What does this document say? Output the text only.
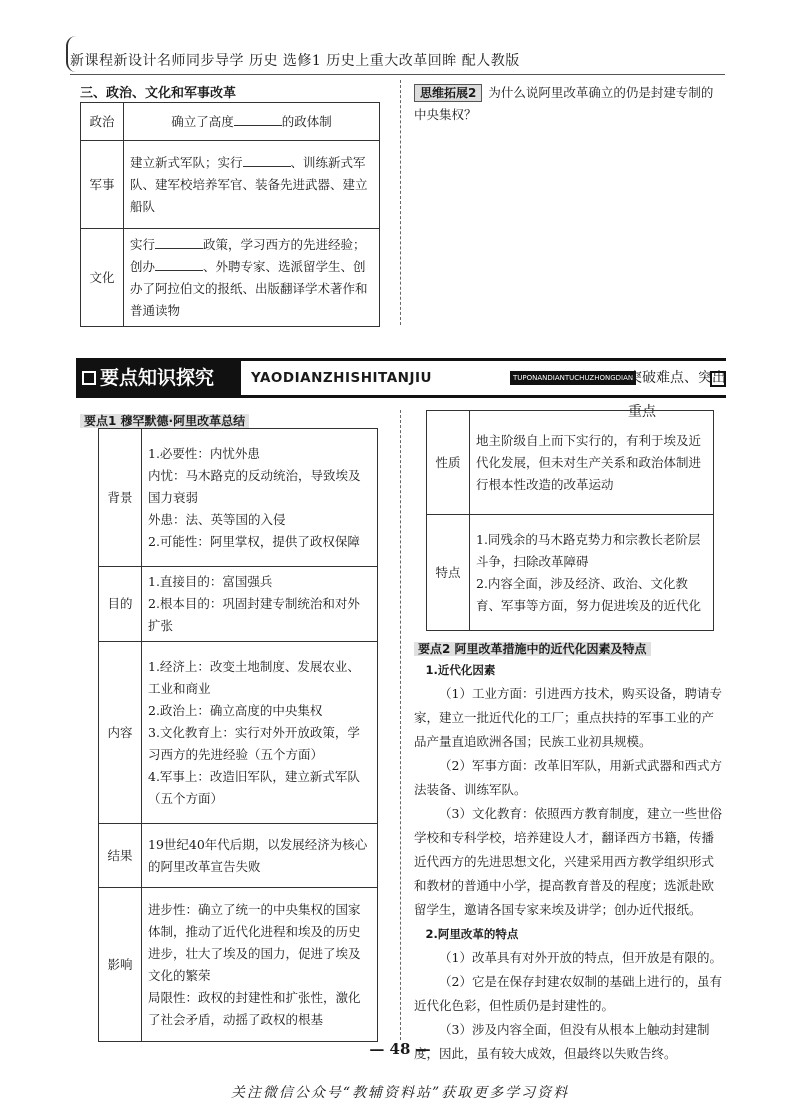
新课程新设计名师同步导学 历史 选修1 历史上重大改革回眸 配人教版
三、政治、文化和军事改革
政治	确立了高度 的政体制
军事	建立新式军队；实行 、训练新式军队、建军校培养军官、装备先进武器、建立船队
文化	实行 政策，学习西方的先进经验；创办 、外聘专家、选派留学生、创办了阿拉伯文的报纸、出版翻译学术著作和普通读物
思维拓展2 为什么说阿里改革确立的仍是封建专制的中央集权？
要点知识探究	YAODIANZHISHITANJIU	TUPONANDIANTUCHUZHONGDIAN
突破难点、突出重点
要点1 穆罕默德·阿里改革总结
背景	1.必要性：内忧外患
内忧：马木路克的反动统治，导致埃及国力衰弱
外患：法、英等国的入侵
2.可能性：阿里掌权，提供了政权保障

目的	1.直接目的：富国强兵
2.根本目的：巩固封建专制统治和对外扩张

内容	1.经济上：改变土地制度、发展农业、工业和商业
2.政治上：确立高度的中央集权
3.文化教育上：实行对外开放政策，学习西方的先进经验（五个方面）
4.军事上：改造旧军队，建立新式军队（五个方面）

结果	19世纪40年代后期，以发展经济为核心的阿里改革宣告失败

影响	进步性：确立了统一的中央集权的国家体制，推动了近代化进程和埃及的历史进步，壮大了埃及的国力，促进了埃及文化的繁荣
局限性：政权的封建性和扩张性，激化了社会矛盾，动摇了政权的根基
性质	地主阶级自上而下实行的，有利于埃及近代化发展，但未对生产关系和政治体制进行根本性改造的改革运动

特点	1.同残余的马木路克势力和宗教长老阶层斗争，扫除改革障碍
2.内容全面，涉及经济、政治、文化教育、军事等方面，努力促进埃及的近代化
要点2 阿里改革措施中的近代化因素及特点

1.近代化因素

（1）工业方面：引进西方技术，购买设备，聘请专家，建立一批近代化的工厂；重点扶持的军事工业的产品产量直追欧洲各国；民族工业初具规模。

（2）军事方面：改革旧军队，用新式武器和西式方法装备、训练军队。

（3）文化教育：依照西方教育制度，建立一些世俗学校和专科学校，培养建设人才，翻译西方书籍，传播近代西方的先进思想文化，兴建采用西方教学组织形式和教材的普通中小学，提高教育普及的程度；选派赴欧留学生，邀请各国专家来埃及讲学；创办近代报纸。

2.阿里改革的特点

（1）改革具有对外开放的特点，但开放是有限的。

（2）它是在保存封建农奴制的基础上进行的，虽有近代化色彩，但性质仍是封建性的。

（3）涉及内容全面，但没有从根本上触动封建制度，因此，虽有较大成效，但最终以失败告终。

— 48 —
关注微信公众号“教辅资料站”获取更多学习资料
